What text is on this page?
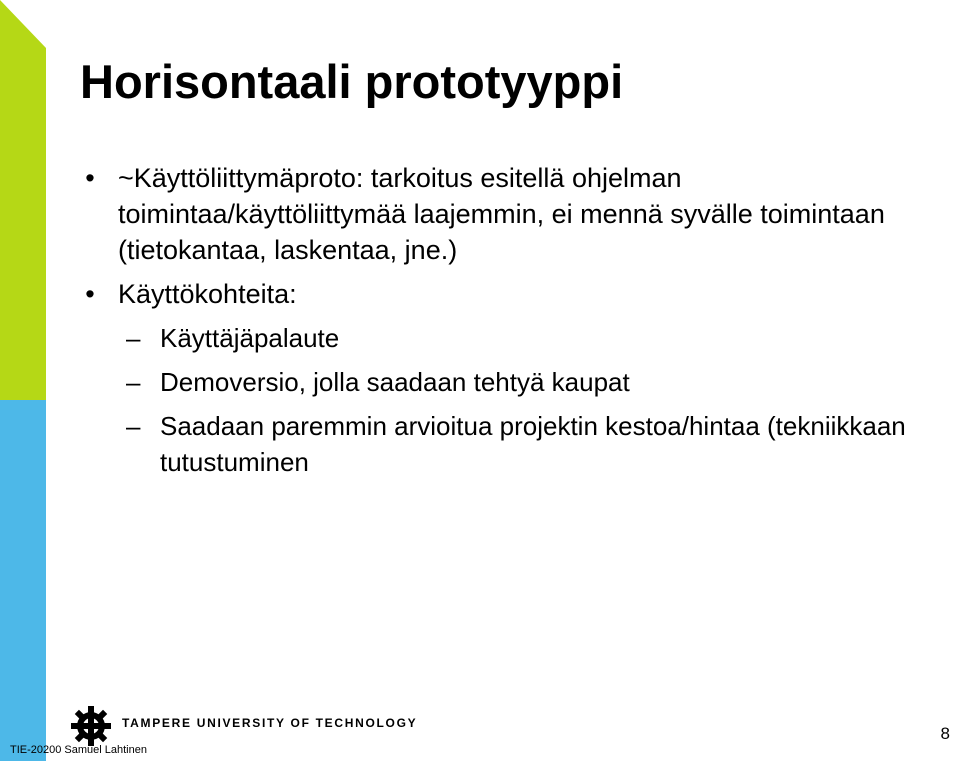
Horisontaali prototyyppi
• ~Käyttöliittymäproto: tarkoitus esitellä ohjelman toimintaa/käyttöliittymää laajemmin, ei mennä syvälle toimintaan (tietokantaa, laskentaa, jne.)
• Käyttökohteita:
– Käyttäjäpalaute
– Demoversio, jolla saadaan tehtyä kaupat
– Saadaan paremmin arvioitua projektin kestoa/hintaa (tekniikkaan tutustuminen
TAMPERE UNIVERSITY OF TECHNOLOGY
TIE-20200 Samuel Lahtinen
8
